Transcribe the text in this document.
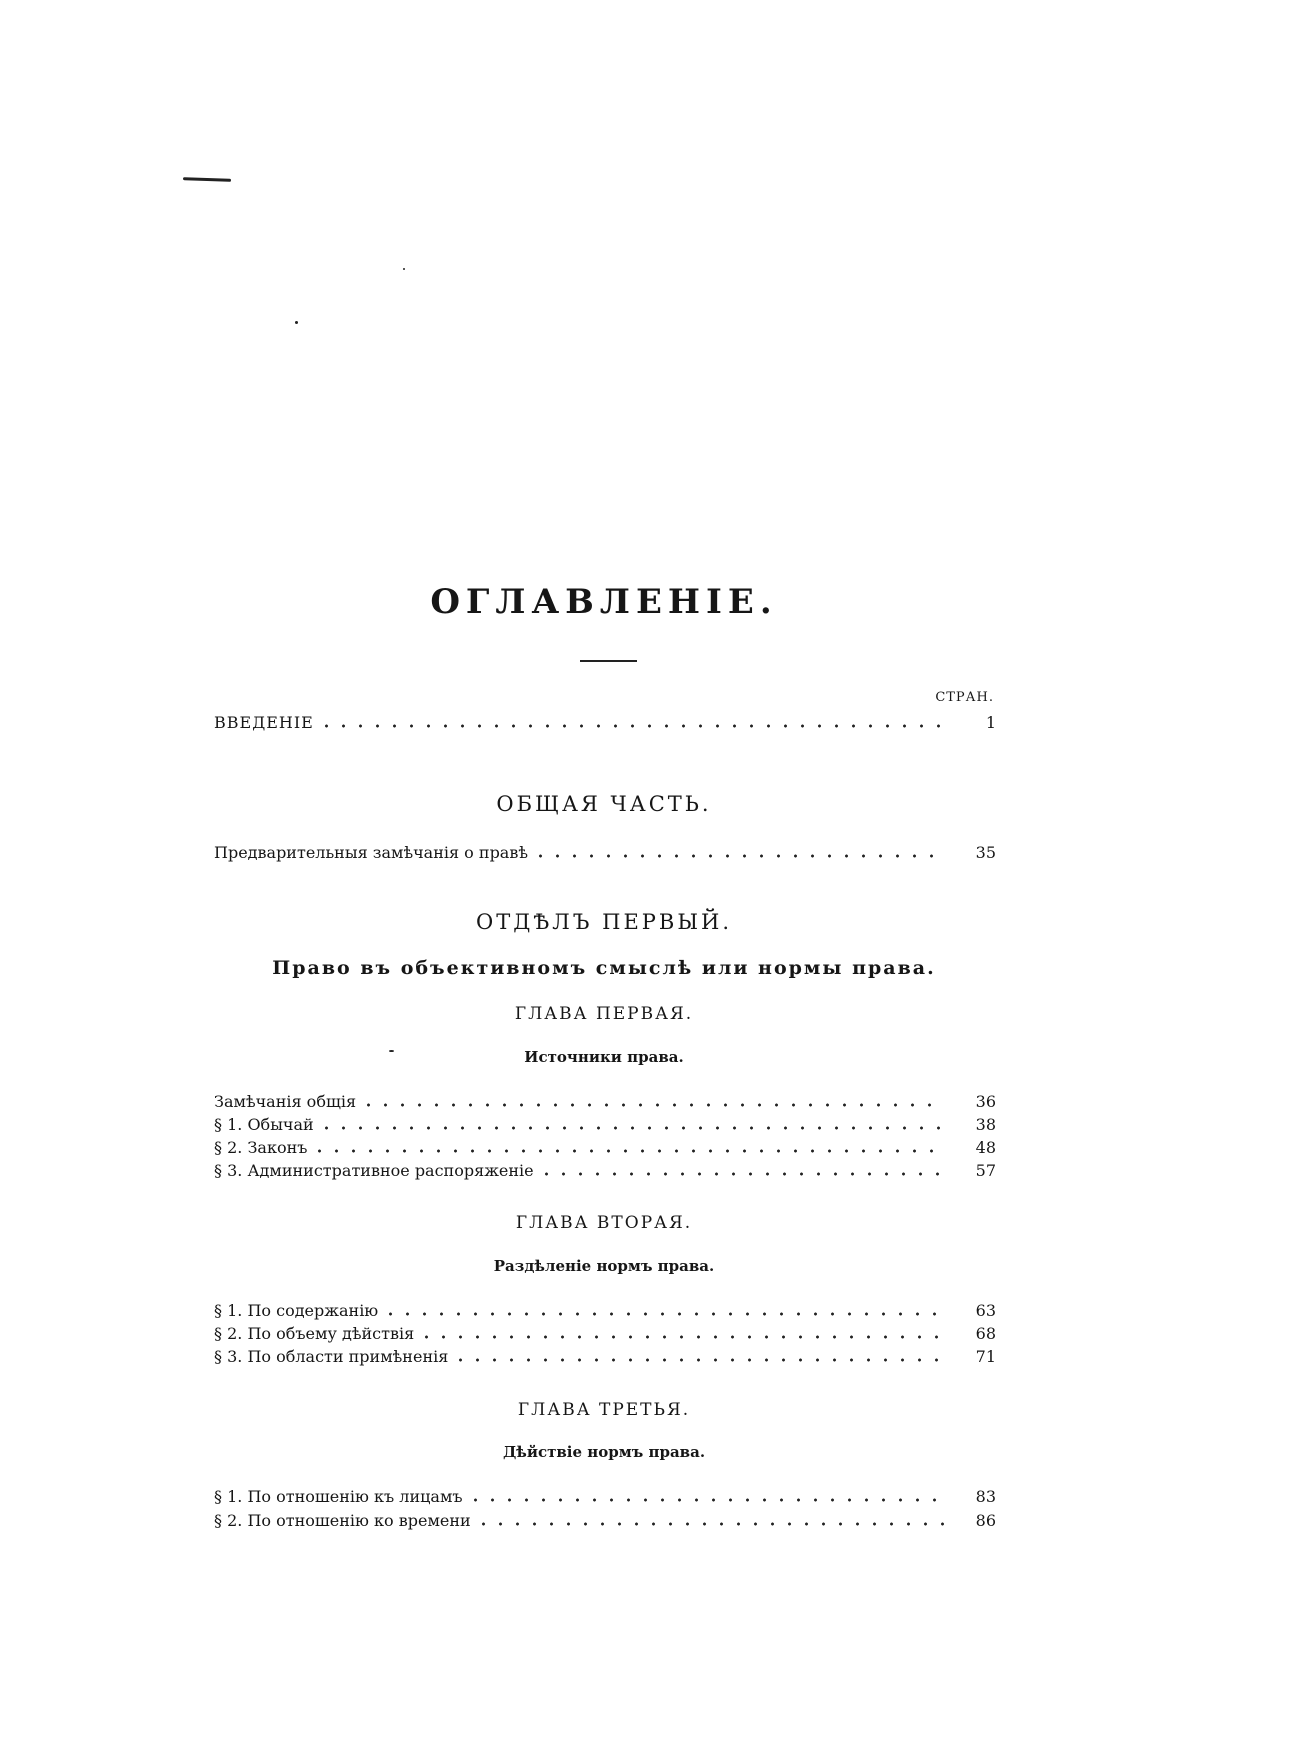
ОГЛАВЛЕНІЕ.
СТРАН.
ВВЕДЕНІЕ	1
ОБЩАЯ ЧАСТЬ.
Предварительныя замѣчанія о правѣ	35
ОТДѢЛЪ ПЕРВЫЙ.
Право въ объективномъ смыслѣ или нормы права.
ГЛАВА ПЕРВАЯ.
Источники права.
Замѣчанія общія	36
§ 1. Обычай	38
§ 2. Законъ	48
§ 3. Административное распоряженіе	57
ГЛАВА ВТОРАЯ.
Раздѣленіе нормъ права.
§ 1. По содержанію	63
§ 2. По объему дѣйствія	68
§ 3. По области примѣненія	71
ГЛАВА ТРЕТЬЯ.
Дѣйствіе нормъ права.
§ 1. По отношенію къ лицамъ	83
§ 2. По отношенію ко времени	86
